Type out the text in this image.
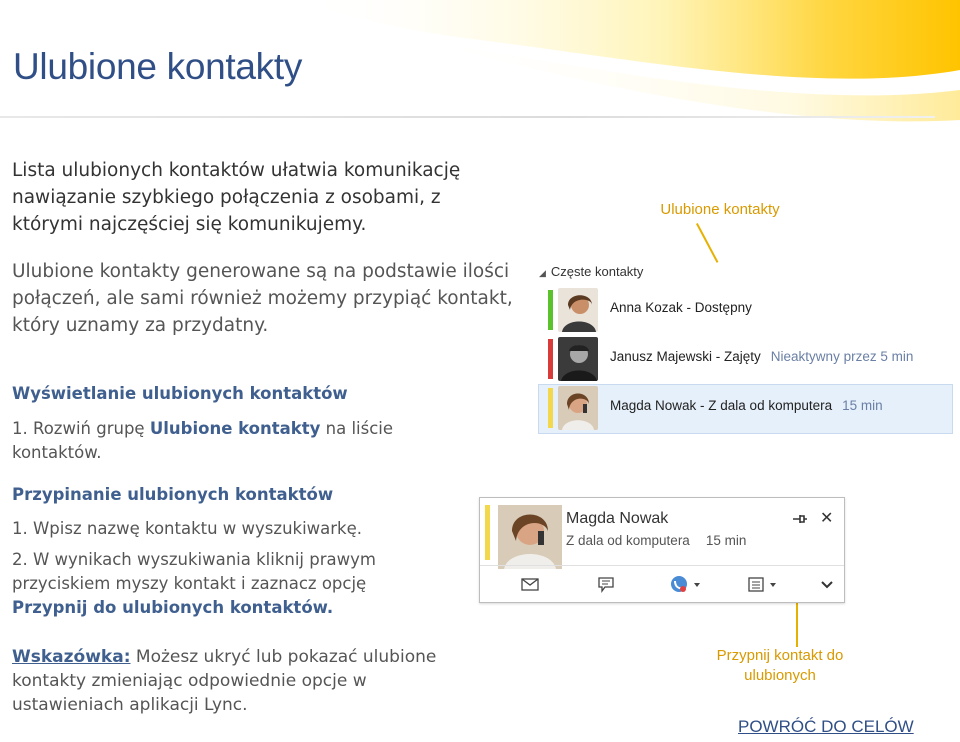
Ulubione kontakty

Lista ulubionych kontaktów ułatwia komunikację nawiązanie szybkiego połączenia z osobami, z którymi najczęściej się komunikujemy.

Ulubione kontakty generowane są na podstawie ilości połączeń, ale sami również możemy przypiąć kontakt, który uznamy za przydatny.

Wyświetlanie ulubionych kontaktów
1. Rozwiń grupę Ulubione kontakty na liście kontaktów.
Przypinanie ulubionych kontaktów
1. Wpisz nazwę kontaktu w wyszukiwarkę.
2. W wynikach wyszukiwania kliknij prawym przyciskiem myszy kontakt i zaznacz opcję Przypnij do ulubionych kontaktów.
Wskazówka: Możesz ukryć lub pokazać ulubione kontakty zmieniając odpowiednie opcje w ustawieniach aplikacji Lync.
Ulubione kontakty
Przypnij kontakt do ulubionych
POWRÓĆ DO CELÓW
◢ Częste kontakty
Anna Kozak - Dostępny
Janusz Majewski - Zajęty Nieaktywny przez 5 min
Magda Nowak - Z dala od komputera 15 min
Magda Nowak
Z dala od komputera 15 min
✕
